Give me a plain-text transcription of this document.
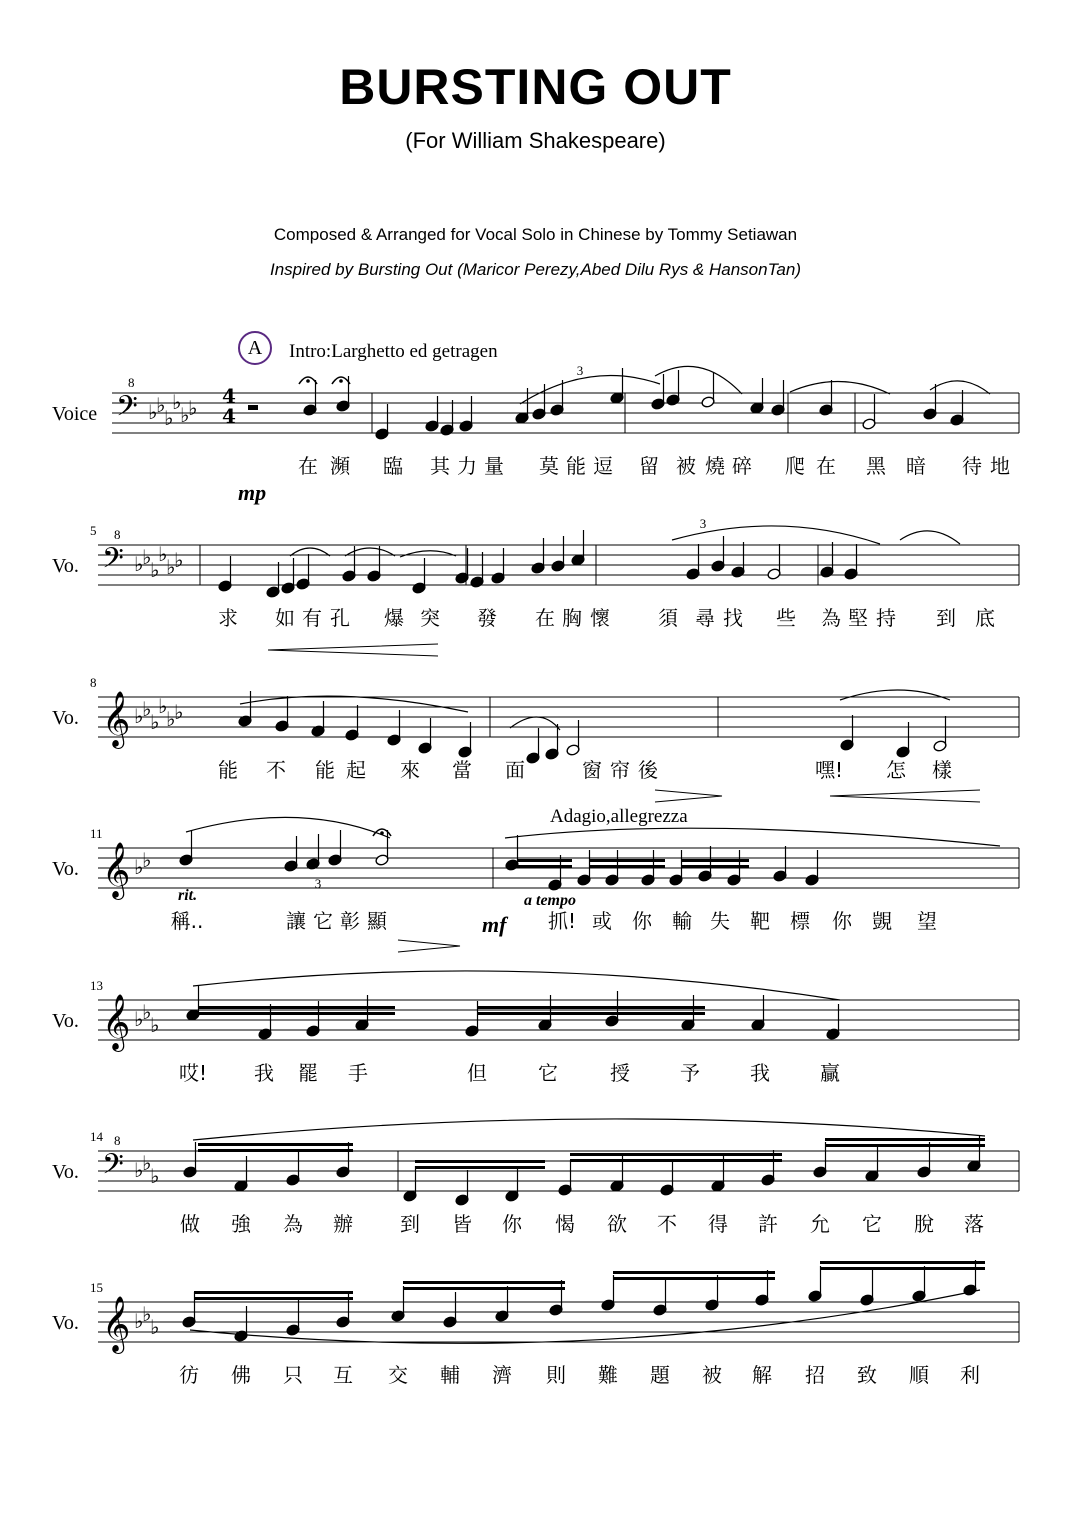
BURSTING OUT
(For William Shakespeare)
Composed & Arranged for Vocal Solo in Chinese by Tommy Setiawan
Inspired by Bursting Out (Maricor Perezy,Abed Dilu Rys & HansonTan)
A	Intro:Larghetto ed getragen
Adagio,allegrezza
Voice 𝄢
8
♭
♭
♭
♭
♭
♭
在 瀕 臨 其 力 量 莫 能 逗 留 被 燒 碎 爬 在 黑 暗 待 地
Vo.
5
𝄢
8
♭
♭
♭
♭
♭
♭
求 如 有 孔 爆 突 發 在 胸 懷 須 尋 找 些 為 堅 持 到 底
Vo.
8
𝄞 ♭
♭
♭
♭
♭
♭
能 不 能 起 來 當 面	窗 帘 後	嘿! 怎 樣
Vo.
11
𝄞 ♭
♭
稱..	讓 它 彰 顯	抓! 或 你 輸 失 靶 標 你 覬 望
Vo.
13
𝄞 ♭
♭
♭
哎! 我 罷 手	但	它	授	予	我	贏
Vo.
14
𝄢
8
♭
♭
♭
做 強 為 辦 到 皆 你 愒 欲 不 得 許 允 它 脫 落
Vo.
15
𝄞 ♭
♭
♭
彷 佛 只 互 交 輔 濟 則 難 題 被 解 招 致 順 利
4
4
3
3
3
mp
mf
rit.	a tempo
